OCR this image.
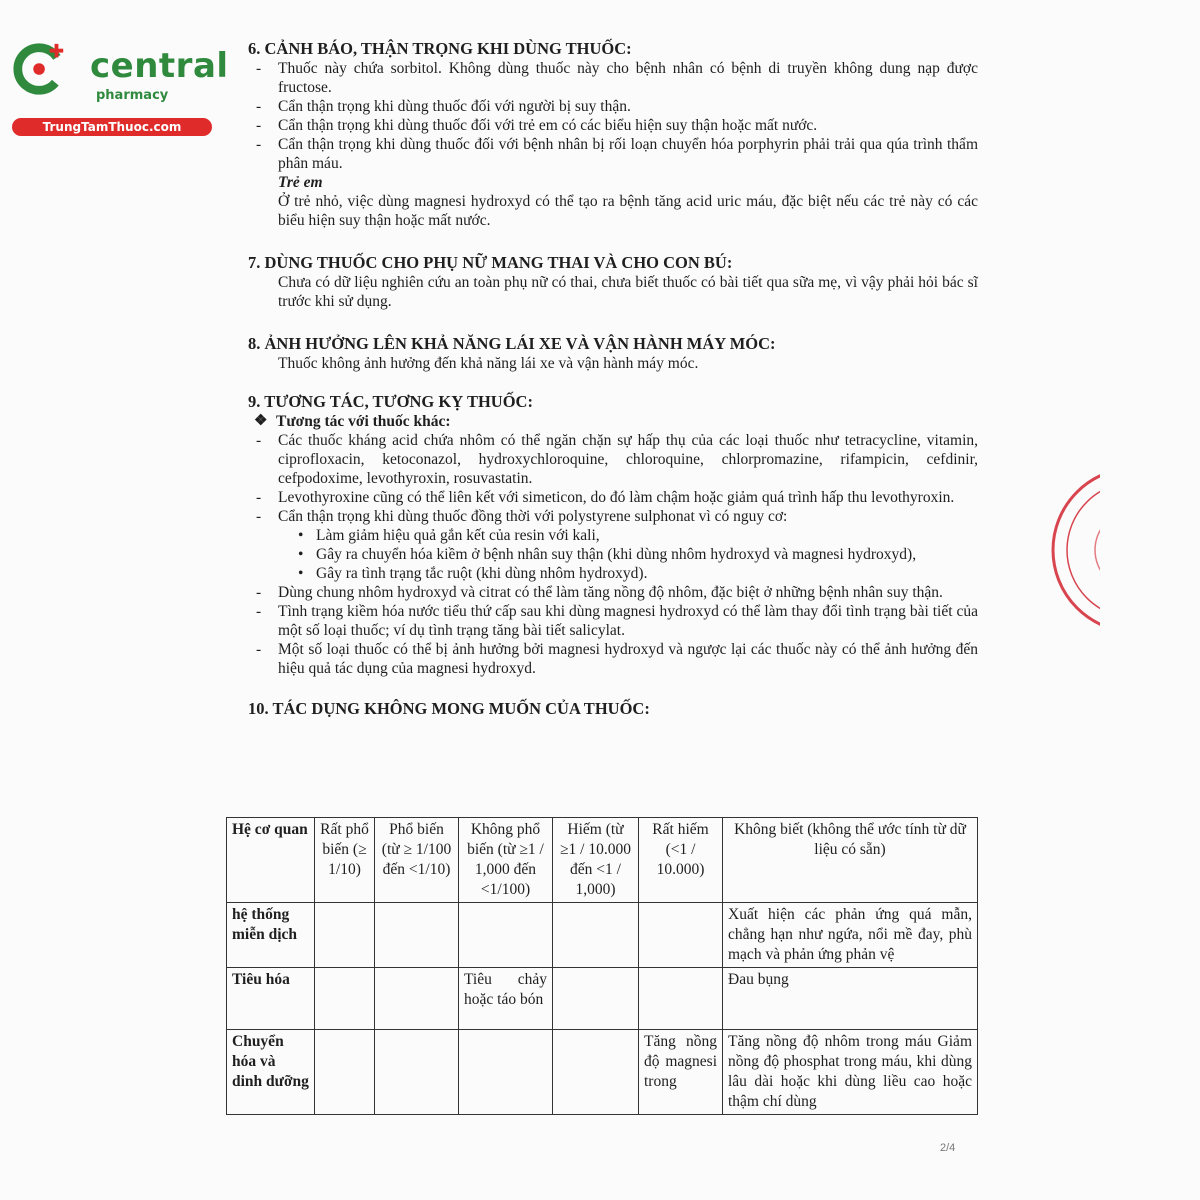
central
pharmacy
TrungTamThuoc.com

6. CẢNH BÁO, THẬN TRỌNG KHI DÙNG THUỐC:

- Thuốc này chứa sorbitol. Không dùng thuốc này cho bệnh nhân có bệnh di truyền không dung nạp được fructose.

- Cẩn thận trọng khi dùng thuốc đối với người bị suy thận.

- Cẩn thận trọng khi dùng thuốc đối với trẻ em có các biểu hiện suy thận hoặc mất nước.

- Cẩn thận trọng khi dùng thuốc đối với bệnh nhân bị rối loạn chuyển hóa porphyrin phải trải qua qúa trình thẩm phân máu.

Trẻ em

Ở trẻ nhỏ, việc dùng magnesi hydroxyd có thể tạo ra bệnh tăng acid uric máu, đặc biệt nếu các trẻ này có các biểu hiện suy thận hoặc mất nước.

7. DÙNG THUỐC CHO PHỤ NỮ MANG THAI VÀ CHO CON BÚ:

Chưa có dữ liệu nghiên cứu an toàn phụ nữ có thai, chưa biết thuốc có bài tiết qua sữa mẹ, vì vậy phải hỏi bác sĩ trước khi sử dụng.

8. ẢNH HƯỞNG LÊN KHẢ NĂNG LÁI XE VÀ VẬN HÀNH MÁY MÓC:

Thuốc không ảnh hưởng đến khả năng lái xe và vận hành máy móc.

9. TƯƠNG TÁC, TƯƠNG KỴ THUỐC:

❖ Tương tác với thuốc khác:

- Các thuốc kháng acid chứa nhôm có thể ngăn chặn sự hấp thụ của các loại thuốc như tetracycline, vitamin, ciprofloxacin, ketoconazol, hydroxychloroquine, chloroquine, chlorpromazine, rifampicin, cefdinir, cefpodoxime, levothyroxin, rosuvastatin.

- Levothyroxine cũng có thể liên kết với simeticon, do đó làm chậm hoặc giảm quá trình hấp thu levothyroxin.

- Cẩn thận trọng khi dùng thuốc đồng thời với polystyrene sulphonat vì có nguy cơ:

• Làm giảm hiệu quả gắn kết của resin với kali,

• Gây ra chuyển hóa kiềm ở bệnh nhân suy thận (khi dùng nhôm hydroxyd và magnesi hydroxyd),

• Gây ra tình trạng tắc ruột (khi dùng nhôm hydroxyd).

- Dùng chung nhôm hydroxyd và citrat có thể làm tăng nồng độ nhôm, đặc biệt ở những bệnh nhân suy thận.

- Tình trạng kiềm hóa nước tiểu thứ cấp sau khi dùng magnesi hydroxyd có thể làm thay đổi tình trạng bài tiết của một số loại thuốc; ví dụ tình trạng tăng bài tiết salicylat.

- Một số loại thuốc có thể bị ảnh hưởng bởi magnesi hydroxyd và ngược lại các thuốc này có thể ảnh hưởng đến hiệu quả tác dụng của magnesi hydroxyd.

10. TÁC DỤNG KHÔNG MONG MUỐN CỦA THUỐC:

Hệ cơ quan	Rất phổ biến (≥ 1/10)	Phổ biến (từ ≥ 1/100 đến <1/10)	Không phổ biến (từ ≥1 / 1,000 đến <1/100)	Hiếm (từ ≥1 / 10.000 đến <1 / 1,000)	Rất hiếm (<1 / 10.000)	Không biết (không thể ước tính từ dữ liệu có sẵn)
hệ thống miễn dịch						Xuất hiện các phản ứng quá mẫn, chẳng hạn như ngứa, nổi mề đay, phù mạch và phản ứng phản vệ
Tiêu hóa			Tiêu chảy hoặc táo bón			Đau bụng
Chuyển hóa và dinh dưỡng					Tăng nồng độ magnesi trong	Tăng nồng độ nhôm trong máu Giảm nồng độ phosphat trong máu, khi dùng lâu dài hoặc khi dùng liều cao hoặc thậm chí dùng
2/4
